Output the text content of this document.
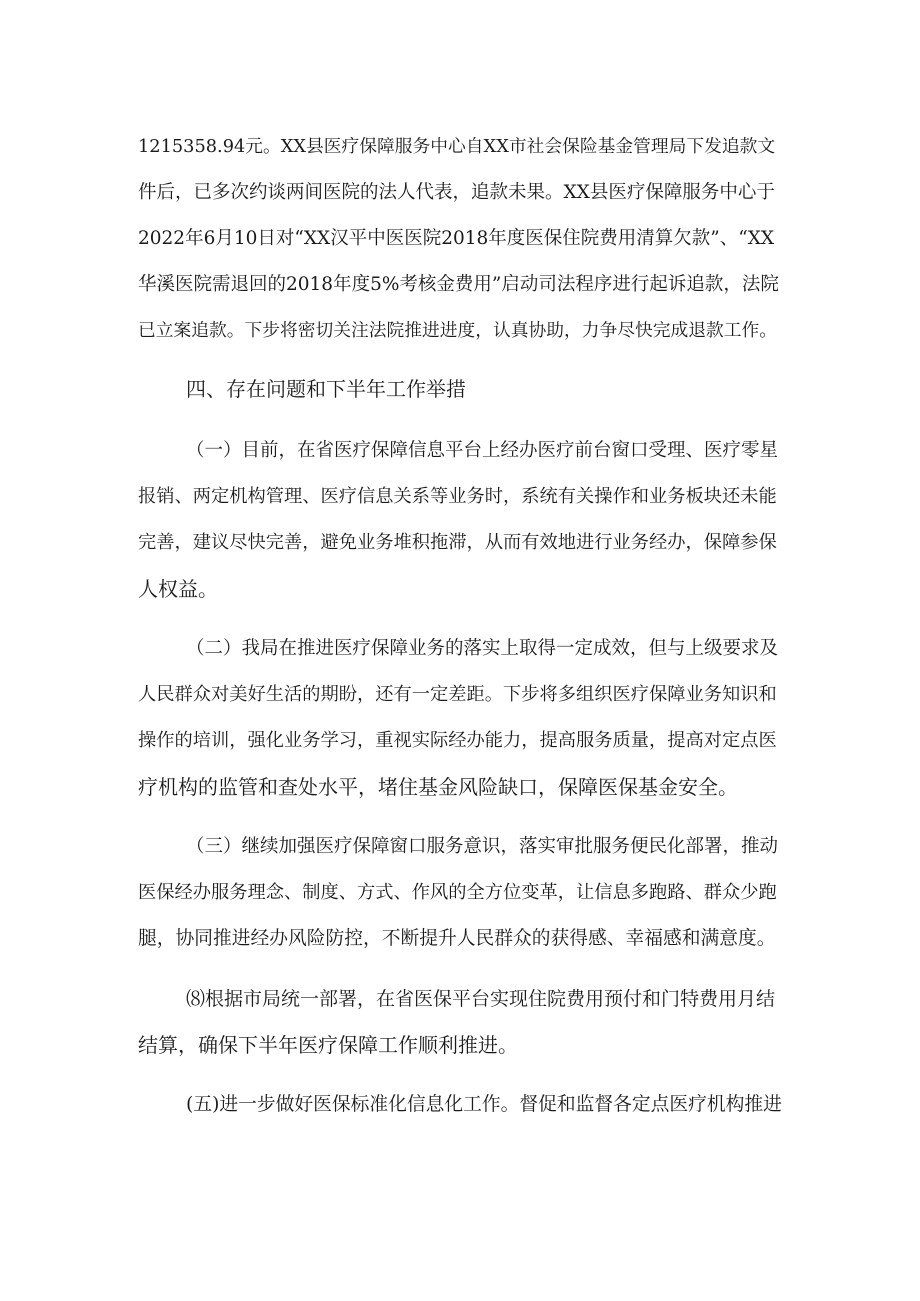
1215358.94元。XX县医疗保障服务中心自XX市社会保险基金管理局下发追款文
件后，已多次约谈两间医院的法人代表，追款未果。XX县医疗保障服务中心于
2022年6月10日对“XX汉平中医医院2018年度医保住院费用清算欠款”、“XX
华溪医院需退回的2018年度5%考核金费用”启动司法程序进行起诉追款，法院
已立案追款。下步将密切关注法院推进进度，认真协助，力争尽快完成退款工作。
四、存在问题和下半年工作举措
（一）目前，在省医疗保障信息平台上经办医疗前台窗口受理、医疗零星
报销、两定机构管理、医疗信息关系等业务时，系统有关操作和业务板块还未能
完善，建议尽快完善，避免业务堆积拖滞，从而有效地进行业务经办，保障参保
人权益。
（二）我局在推进医疗保障业务的落实上取得一定成效，但与上级要求及
人民群众对美好生活的期盼，还有一定差距。下步将多组织医疗保障业务知识和
操作的培训，强化业务学习，重视实际经办能力，提高服务质量，提高对定点医
疗机构的监管和查处水平，堵住基金风险缺口，保障医保基金安全。
（三）继续加强医疗保障窗口服务意识，落实审批服务便民化部署，推动
医保经办服务理念、制度、方式、作风的全方位变革，让信息多跑路、群众少跑
腿，协同推进经办风险防控，不断提升人民群众的获得感、幸福感和满意度。
⑻根据市局统一部署，在省医保平台实现住院费用预付和门特费用月结
结算，确保下半年医疗保障工作顺利推进。
(五)进一步做好医保标准化信息化工作。督促和监督各定点医疗机构推进
